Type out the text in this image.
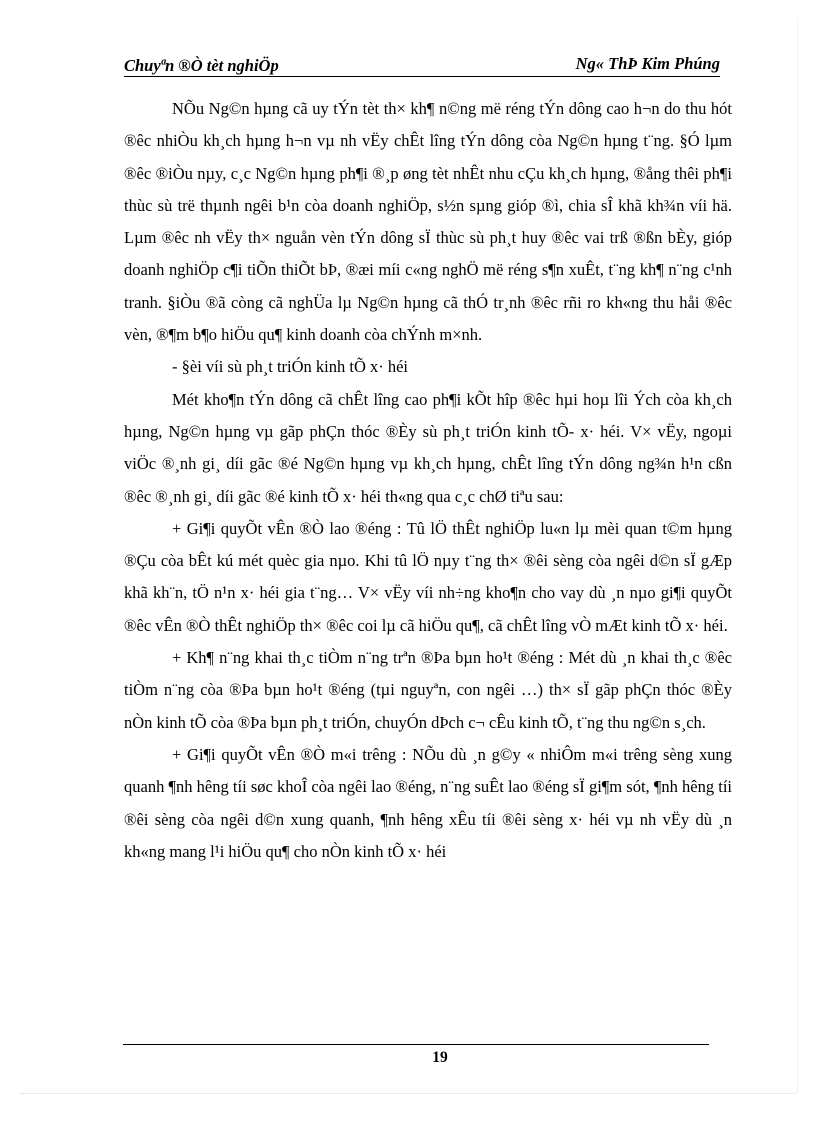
Chuyªn ®Ò tèt nghiÖp	Ng« ThÞ Kim Phúng

NÕu Ng©n hµng cã uy tÝn tèt th× kh¶ n©ng më réng tÝn dông cao h¬n do thu hót ®êc nhiÒu kh¸ch hµng h¬n vµ nh vËy chÊt lîng tÝn dông còa Ng©n hµng t¨ng. §Ó lµm ®êc ®iÒu nµy, c¸c Ng©n hµng ph¶i ®¸p øng tèt nhÊt nhu cÇu kh¸ch hµng, ®ång thêi ph¶i thùc sù trë thµnh ngêi b¹n còa doanh nghiÖp, s½n sµng gióp ®ì, chia sÎ khã kh¾n víi hä. Lµm ®êc nh vËy th× nguån vèn tÝn dông sÏ thùc sù ph¸t huy ®êc vai trß ®ßn bÈy, gióp doanh nghiÖp c¶i tiÕn thiÕt bÞ, ®æi míi c«ng nghÖ më réng s¶n xuÊt, t¨ng kh¶ n¨ng c¹nh tranh. §iÒu ®ã còng cã nghÜa lµ Ng©n hµng cã thÓ tr¸nh ®êc rñi ro kh«ng thu håi ®êc vèn, ®¶m b¶o hiÖu qu¶ kinh doanh còa chÝnh m×nh.

- §èi víi sù ph¸t triÓn kinh tÕ x· héi

Mét kho¶n tÝn dông cã chÊt lîng cao ph¶i kÕt hîp ®êc hµi hoµ lîi Ých còa kh¸ch hµng, Ng©n hµng vµ gãp phÇn thóc ®Èy sù ph¸t triÓn kinh tÕ- x· héi. V× vËy, ngoµi viÖc ®¸nh gi¸ díi gãc ®é Ng©n hµng vµ kh¸ch hµng, chÊt lîng tÝn dông ng¾n h¹n cßn ®êc ®¸nh gi¸ díi gãc ®é kinh tÕ x· héi th«ng qua c¸c chØ tiªu sau:

+ Gi¶i quyÕt vÊn ®Ò lao ®éng : Tû lÖ thÊt nghiÖp lu«n lµ mèi quan t©m hµng ®Çu còa bÊt kú mét quèc gia nµo. Khi tû lÖ nµy t¨ng th× ®êi sèng còa ngêi d©n sÏ gÆp khã kh¨n, tÖ n¹n x· héi gia t¨ng… V× vËy víi nh÷ng kho¶n cho vay dù ¸n nµo gi¶i quyÕt ®êc vÊn ®Ò thÊt nghiÖp th× ®êc coi lµ cã hiÖu qu¶, cã chÊt lîng vÒ mÆt kinh tÕ x· héi.

+ Kh¶ n¨ng khai th¸c tiÒm n¨ng trªn ®Þa bµn ho¹t ®éng : Mét dù ¸n khai th¸c ®êc tiÒm n¨ng còa ®Þa bµn ho¹t ®éng (tµi nguyªn, con ngêi …) th× sÏ gãp phÇn thóc ®Èy nÒn kinh tÕ còa ®Þa bµn ph¸t triÓn, chuyÓn dÞch c¬ cÊu kinh tÕ, t¨ng thu ng©n s¸ch.

+ Gi¶i quyÕt vÊn ®Ò m«i trêng : NÕu dù ¸n g©y « nhiÔm m«i trêng sèng xung quanh ¶nh hêng tíi søc khoÎ còa ngêi lao ®éng, n¨ng suÊt lao ®éng sÏ gi¶m sót, ¶nh hêng tíi ®êi sèng còa ngêi d©n xung quanh, ¶nh hêng xÊu tíi ®êi sèng x· héi vµ nh vËy dù ¸n kh«ng mang l¹i hiÖu qu¶ cho nÒn kinh tÕ x· héi

19
